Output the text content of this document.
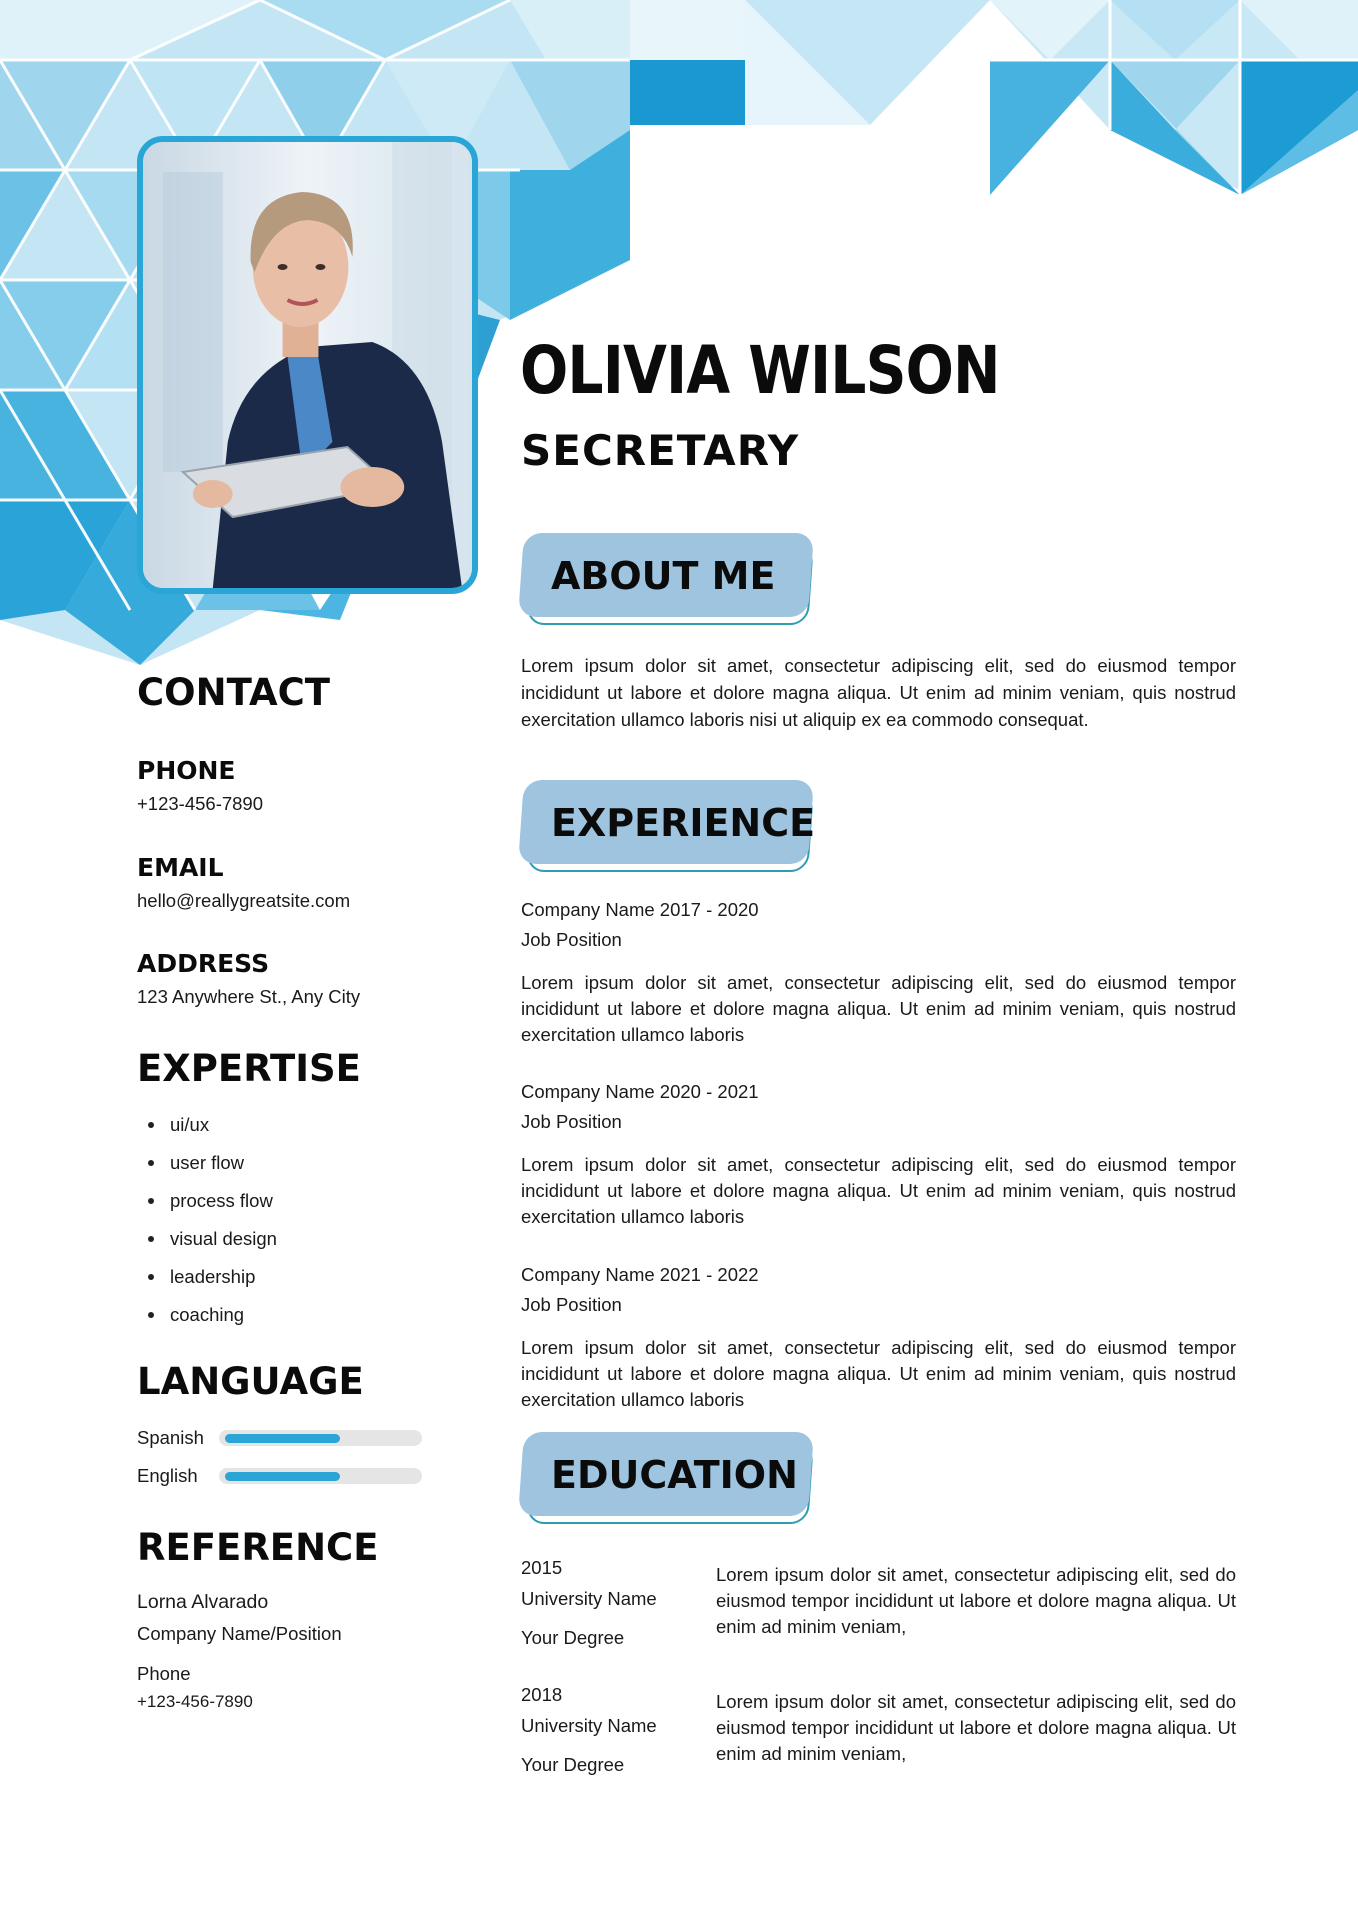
OLIVIA WILSON
SECRETARY
ABOUT ME
Lorem ipsum dolor sit amet, consectetur adipiscing elit, sed do eiusmod tempor incididunt ut labore et dolore magna aliqua. Ut enim ad minim veniam, quis nostrud exercitation ullamco laboris nisi ut aliquip ex ea commodo consequat.
EXPERIENCE
Company Name 2017 - 2020
Job Position
Lorem ipsum dolor sit amet, consectetur adipiscing elit, sed do eiusmod tempor incididunt ut labore et dolore magna aliqua. Ut enim ad minim veniam, quis nostrud exercitation ullamco laboris
Company Name 2020 - 2021
Job Position
Lorem ipsum dolor sit amet, consectetur adipiscing elit, sed do eiusmod tempor incididunt ut labore et dolore magna aliqua. Ut enim ad minim veniam, quis nostrud exercitation ullamco laboris
Company Name 2021 - 2022
Job Position
Lorem ipsum dolor sit amet, consectetur adipiscing elit, sed do eiusmod tempor incididunt ut labore et dolore magna aliqua. Ut enim ad minim veniam, quis nostrud exercitation ullamco laboris
EDUCATION
2015
University Name
Your Degree
Lorem ipsum dolor sit amet, consectetur adipiscing elit, sed do eiusmod tempor incididunt ut labore et dolore magna aliqua. Ut enim ad minim veniam,
2018
University Name
Your Degree
Lorem ipsum dolor sit amet, consectetur adipiscing elit, sed do eiusmod tempor incididunt ut labore et dolore magna aliqua. Ut enim ad minim veniam,
CONTACT
PHONE
+123-456-7890
EMAIL
hello@reallygreatsite.com
ADDRESS
123 Anywhere St., Any City
EXPERTISE
ui/ux
user flow
process flow
visual design
leadership
coaching
LANGUAGE
Spanish
English
REFERENCE
Lorna Alvarado
Company Name/Position
Phone
+123-456-7890
